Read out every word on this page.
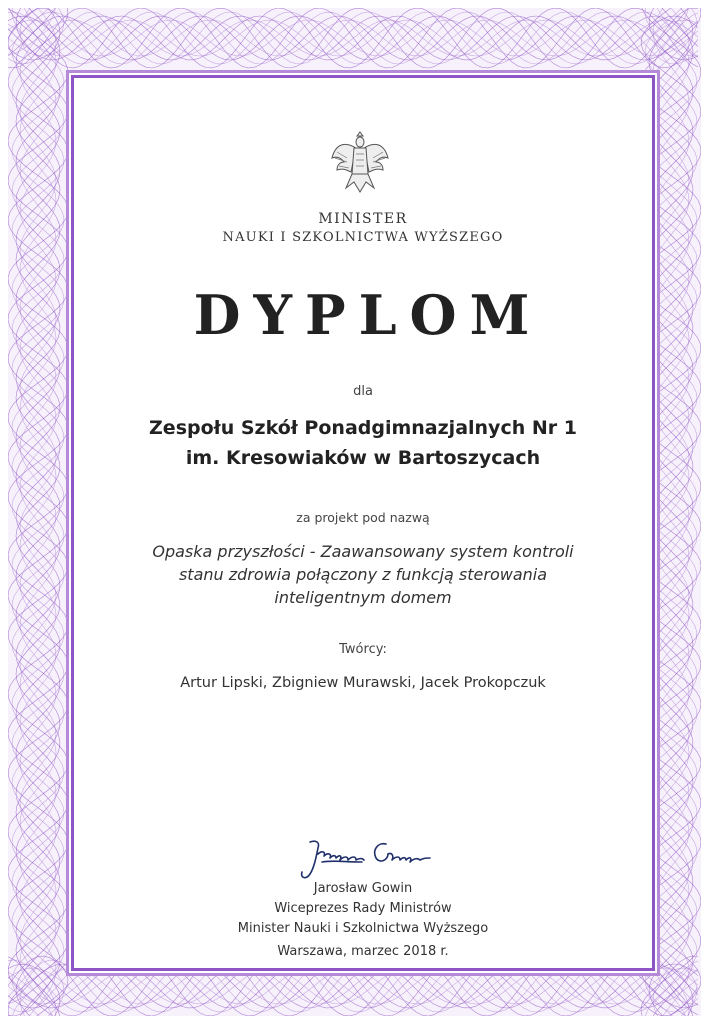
MINISTER
NAUKI I SZKOLNICTWA WYŻSZEGO
DYPLOM
dla
Zespołu Szkół Ponadgimnazjalnych Nr 1
im. Kresowiaków w Bartoszycach
za projekt pod nazwą
Opaska przyszłości - Zaawansowany system kontroli
stanu zdrowia połączony z funkcją sterowania
inteligentnym domem
Twórcy:
Artur Lipski, Zbigniew Murawski, Jacek Prokopczuk
Jarosław Gowin
Wiceprezes Rady Ministrów
Minister Nauki i Szkolnictwa Wyższego
Warszawa, marzec 2018 r.
